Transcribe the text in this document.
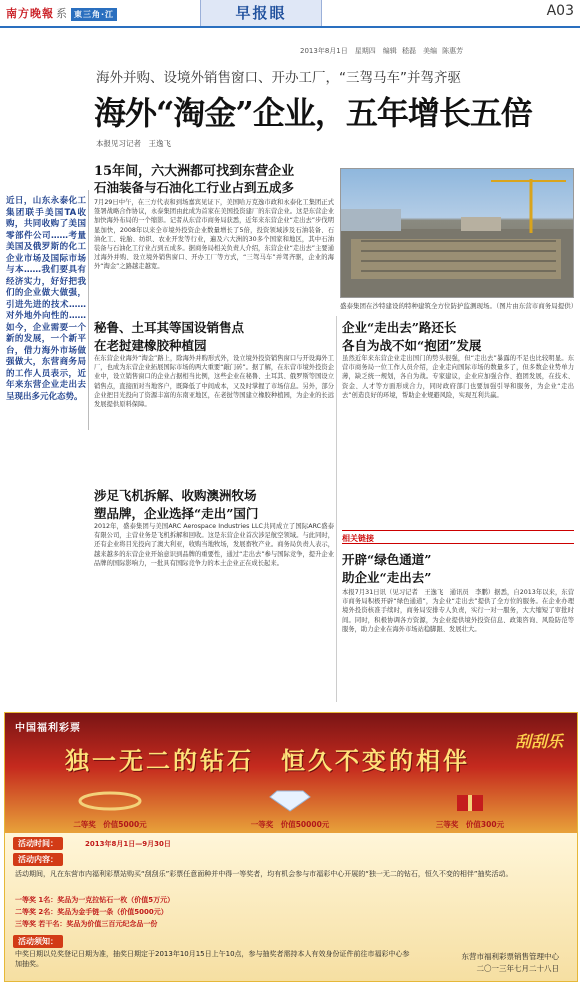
南方晚報 系 東三角·江	早报眼	A03
2013年8月1日　星期四　编辑 嵇磊　美编 陈惠芳
海外并购、设境外销售窗口、开办工厂，“三驾马车”并驾齐驱
海外“淘金”企业，五年增长五倍
本报见习记者　王逸飞
近日，山东永泰化工集团联手美国TA收购，共同收购了美国零部件公司……考量美国及俄罗斯的化工企业市场及国际市场与本……我们要具有经济实力，好好把我们的企业做大做强，引进先进的技术……对外地外向性的……如今，企业需要一个新的发展，一个新平台，借力海外市场做强做大，东营商务局的工作人员表示，近年来东营企业走出去呈现出多元化态势。
15年间，六大洲都可找到东营企业
石油装备与石油化工行业占到五成多
7月29日中午，在三方代表和到场嘉宾见证下，美国哈万克逸市政和永泰化工集团正式签署战略合作协议，永泰集团由此成为首家在美国投资建厂的东营企业。这是东营企业加快海外布局的一个缩影。记者从东营市商务局获悉，近年来东营企业“走出去”步伐明显加快，2008年以来全市境外投资企业数量增长了5倍，投资领域涉及石油装备、石油化工、轮胎、纺织、农业开发等行业，遍及六大洲的30多个国家和地区，其中石油装备与石油化工行业占到五成多。据商务局相关负责人介绍，东营企业“走出去”主要通过海外并购、设立境外销售窗口、开办工厂等方式，“三驾马车”并驾齐驱，企业的海外“淘金”之路越走越宽。
盛泰集团在沙特建设的特种建筑全方位防护监测现场。（图片由东营市商务局提供）
秘鲁、土耳其等国设销售点
在老挝建橡胶种植园
在东营企业海外“淘金”路上，除海外并购形式外，设立境外投资销售窗口与开设海外工厂，也成为东营企业拓展国际市场的两大重要“敲门砖”。据了解，在东营市境外投资企业中，设立销售窗口的企业占据相当比例，这些企业在秘鲁、土耳其、俄罗斯等国设立销售点，直接面对当地客户，既降低了中间成本，又及时掌握了市场信息。另外，部分企业把目光投向了资源丰富的东南亚地区，在老挝等国建立橡胶种植园，为企业的长远发展提供原料保障。
涉足飞机拆解、收购澳洲牧场
塑品牌，企业选择“走出”国门
2012年，盛泰集团与美国ARC Aerospace Industries LLC共同成立了国际ARC盛泰有限公司，主营业务是飞机拆解和回收。这是东营企业首次涉足航空领域。与此同时，还有企业将目光投向了澳大利亚，收购当地牧场，发展畜牧产业。商务局负责人表示，越来越多的东营企业开始意识到品牌的重要性，通过“走出去”参与国际竞争，提升企业品牌的国际影响力，一批具有国际竞争力的本土企业正在成长起来。
企业“走出去”路还长
各自为战不如“抱团”发展
虽然近年来东营企业走出国门的势头很强，但“走出去”暴露的不足也比较明显。东营市商务局一位工作人员介绍，企业走向国际市场的数量多了，但多数企业势单力薄，缺乏统一规划，各自为战。专家建议，企业应加强合作、抱团发展，在技术、资金、人才等方面形成合力，同时政府部门也要加强引导和服务，为企业“走出去”创造良好的环境，帮助企业规避风险，实现互利共赢。
相关链接
开辟“绿色通道”
助企业“走出去”
本报7月31日讯（见习记者　王逸飞　通讯员　李鹏）据悉，自2013年以来，东营市商务局积极开辟“绿色通道”，为企业“走出去”提供了全方位的服务。在企业办理境外投资核准手续时，商务局安排专人负责，实行一对一服务，大大缩短了审批时间。同时，积极协调各方资源，为企业提供境外投资信息、政策咨询、风险防范等服务，助力企业在海外市场站稳脚跟、发展壮大。
中国福利彩票
刮刮乐
独一无二的钻石　恒久不变的相伴
二等奖　价值5000元	一等奖　价值50000元	三等奖　价值300元
活动时间：	2013年8月1日—9月30日
活动内容：
活动期间，凡在东营市内福利彩票站购买“刮刮乐”彩票任意面种并中得一等奖者，均有机会参与市福彩中心开展的“独一无二的钻石，恒久不变的相伴”抽奖活动。
一等奖 1名：奖品为一克拉钻石一枚（价值5万元）
二等奖 2名：奖品为金手链一条（价值5000元）
三等奖 若干名：奖品为价值三百元纪念品一份
活动须知：
中奖日期以兑奖登记日期为准，抽奖日期定于2013年10月15日上午10点，参与抽奖者需持本人有效身份证件前往市福彩中心参加抽奖。
东营市福利彩票销售管理中心
二〇一三年七月二十八日
